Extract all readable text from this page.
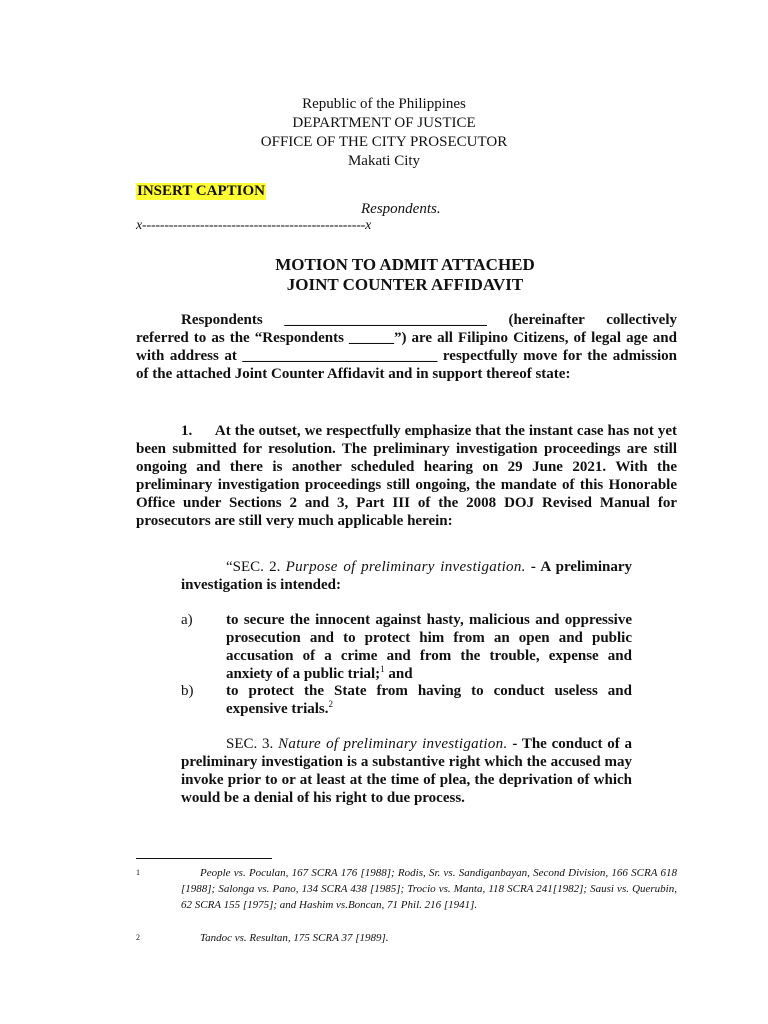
Republic of the Philippines
DEPARTMENT OF JUSTICE
OFFICE OF THE CITY PROSECUTOR
Makati City
INSERT CAPTION
Respondents.
x--------------------------------------------------x
MOTION TO ADMIT ATTACHED
JOINT COUNTER AFFIDAVIT
Respondents ___________________________ (hereinafter collectively referred to as the “Respondents ______”) are all Filipino Citizens, of legal age and with address at __________________________ respectfully move for the admission of the attached Joint Counter Affidavit and in support thereof state:
1.      At the outset, we respectfully emphasize that the instant case has not yet been submitted for resolution. The preliminary investigation proceedings are still ongoing and there is another scheduled hearing on 29 June 2021. With the preliminary investigation proceedings still ongoing, the mandate of this Honorable Office under Sections 2 and 3, Part III of the 2008 DOJ Revised Manual for prosecutors are still very much applicable herein:
“SEC. 2. Purpose of preliminary investigation. - A preliminary investigation is intended:
a) to secure the innocent against hasty, malicious and oppressive prosecution and to protect him from an open and public accusation of a crime and from the trouble, expense and anxiety of a public trial;$^1$ and
b) to protect the State from having to conduct useless and expensive trials.$^2$
SEC. 3. Nature of preliminary investigation. - The conduct of a preliminary investigation is a substantive right which the accused may invoke prior to or at least at the time of plea, the deprivation of which would be a denial of his right to due process.
1	People vs. Poculan, 167 SCRA 176 [1988]; Rodis, Sr. vs. Sandiganbayan, Second Division, 166 SCRA 618 [1988]; Salonga vs. Pano, 134 SCRA 438 [1985]; Trocio vs. Manta, 118 SCRA 241[1982]; Sausi vs. Querubin, 62 SCRA 155 [1975]; and Hashim vs.Boncan, 71 Phil. 216 [1941].
2	Tandoc vs. Resultan, 175 SCRA 37 [1989].
